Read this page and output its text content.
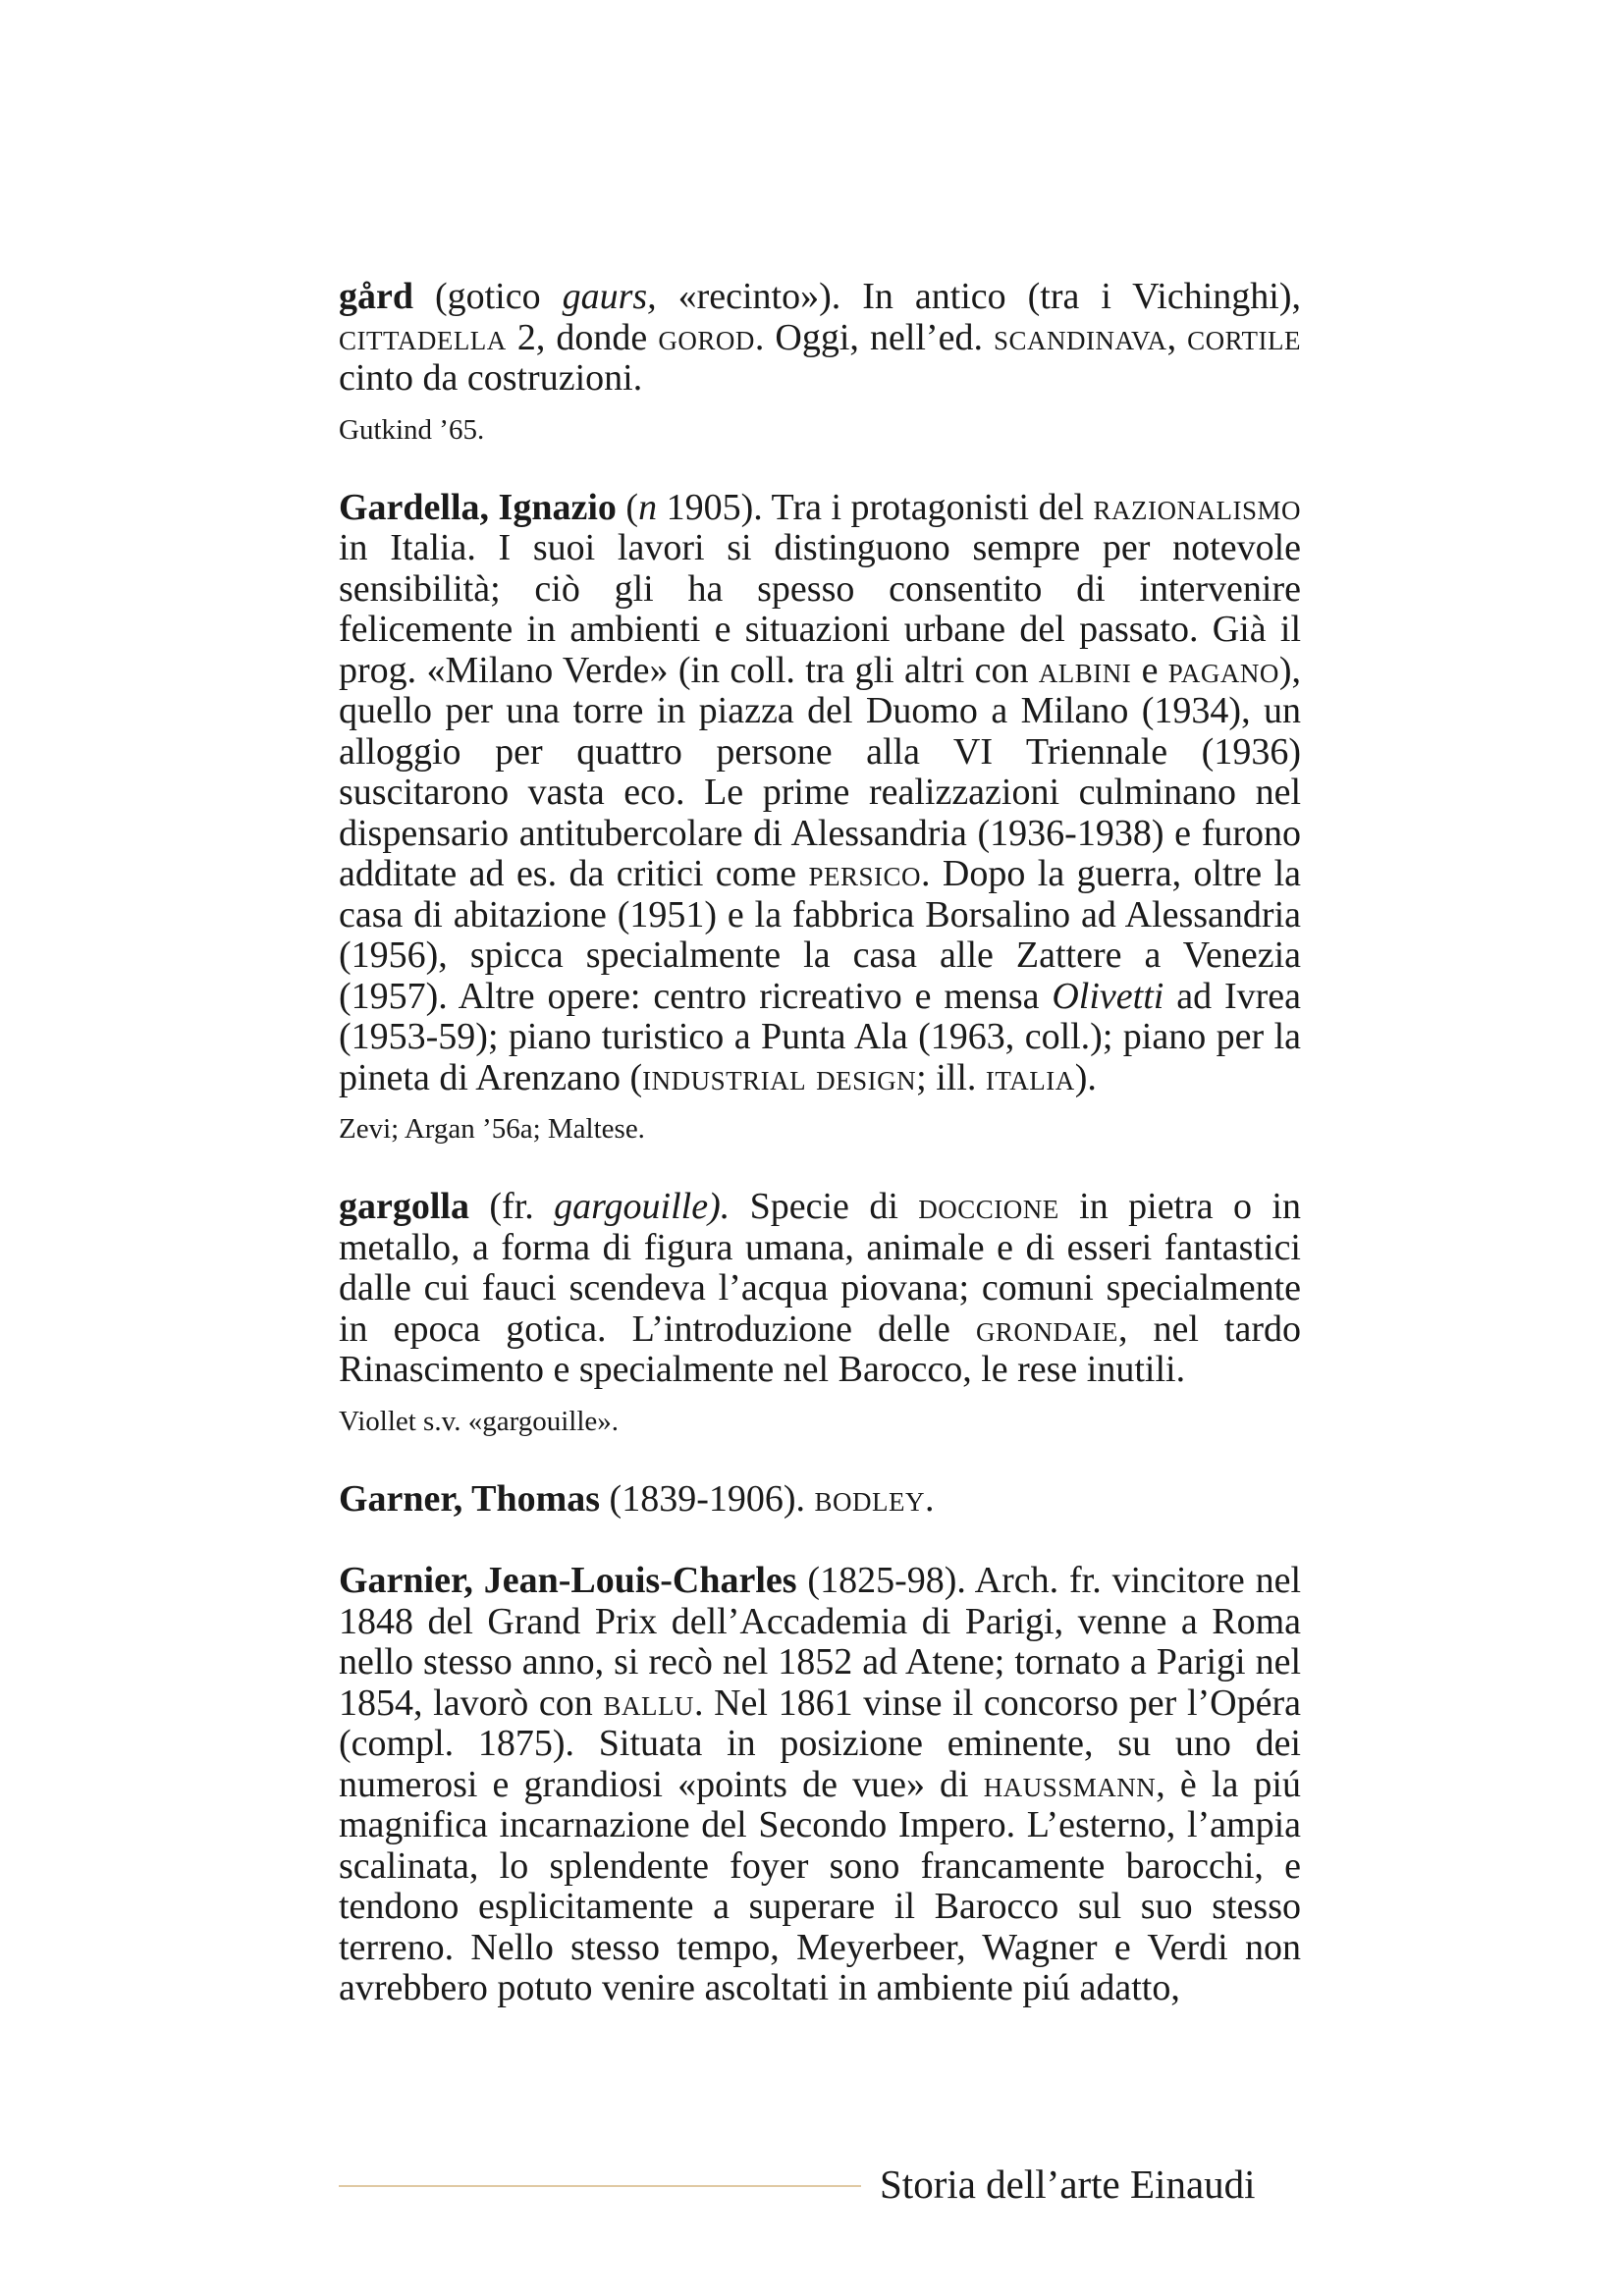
gård (gotico gaurs, «recinto»). In antico (tra i Vichinghi), cittadella 2, donde gorod. Oggi, nell’ed. scandinava, cortile cinto da costruzioni.

Gutkind ’65.

Gardella, Ignazio (n 1905). Tra i protagonisti del razionalismo in Italia. I suoi lavori si distinguono sempre per notevole sensibilità; ciò gli ha spesso consentito di intervenire felicemente in ambienti e situazioni urbane del passato. Già il prog. «Milano Verde» (in coll. tra gli altri con albini e pagano), quello per una torre in piazza del Duomo a Milano (1934), un alloggio per quattro persone alla VI Triennale (1936) suscitarono vasta eco. Le prime realizzazioni culminano nel dispensario antitubercolare di Alessandria (1936-1938) e furono additate ad es. da critici come persico. Dopo la guerra, oltre la casa di abitazione (1951) e la fabbrica Borsalino ad Alessandria (1956), spicca specialmente la casa alle Zattere a Venezia (1957). Altre opere: centro ricreativo e mensa Olivetti ad Ivrea (1953-59); piano turistico a Punta Ala (1963, coll.); piano per la pineta di Arenzano (industrial design; ill. italia).

Zevi; Argan ’56a; Maltese.

gargolla (fr. gargouille). Specie di doccione in pietra o in metallo, a forma di figura umana, animale e di esseri fantastici dalle cui fauci scendeva l’acqua piovana; comuni specialmente in epoca gotica. L’introduzione delle grondaie, nel tardo Rinascimento e specialmente nel Barocco, le rese inutili.

Viollet s.v. «gargouille».

Garner, Thomas (1839-1906). bodley.

Garnier, Jean-Louis-Charles (1825-98). Arch. fr. vincitore nel 1848 del Grand Prix dell’Accademia di Parigi, venne a Roma nello stesso anno, si recò nel 1852 ad Atene; tornato a Parigi nel 1854, lavorò con ballu. Nel 1861 vinse il concorso per l’Opéra (compl. 1875). Situata in posizione eminente, su uno dei numerosi e grandiosi «points de vue» di haussmann, è la piú magnifica incarnazione del Secondo Impero. L’esterno, l’ampia scalinata, lo splendente foyer sono francamente barocchi, e tendono esplicitamente a superare il Barocco sul suo stesso terreno. Nello stesso tempo, Meyerbeer, Wagner e Verdi non avrebbero potuto venire ascoltati in ambiente piú adatto,

Storia dell’arte Einaudi
